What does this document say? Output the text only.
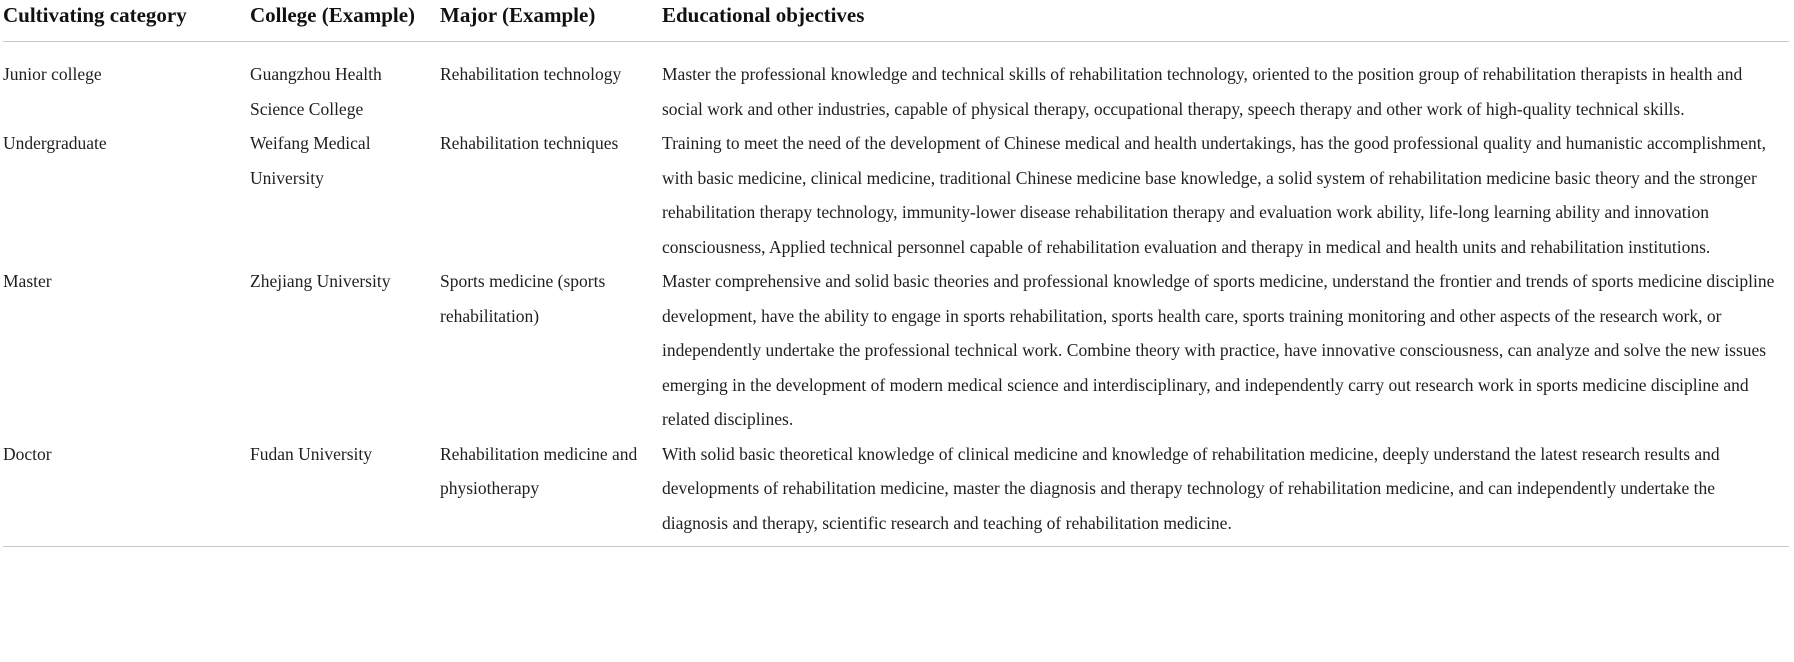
Cultivating category	College (Example)	Major (Example)	Educational objectives
Junior college	Guangzhou Health Science College	Rehabilitation technology	Master the professional knowledge and technical skills of rehabilitation technology, oriented to the position group of rehabilitation therapists in health and social work and other industries, capable of physical therapy, occupational therapy, speech therapy and other work of high-quality technical skills.
Undergraduate	Weifang Medical University	Rehabilitation techniques	Training to meet the need of the development of Chinese medical and health undertakings, has the good professional quality and humanistic accomplishment, with basic medicine, clinical medicine, traditional Chinese medicine base knowledge, a solid system of rehabilitation medicine basic theory and the stronger rehabilitation therapy technology, immunity-lower disease rehabilitation therapy and evaluation work ability, life-long learning ability and innovation consciousness, Applied technical personnel capable of rehabilitation evaluation and therapy in medical and health units and rehabilitation institutions.
Master	Zhejiang University	Sports medicine (sports rehabilitation)	Master comprehensive and solid basic theories and professional knowledge of sports medicine, understand the frontier and trends of sports medicine discipline development, have the ability to engage in sports rehabilitation, sports health care, sports training monitoring and other aspects of the research work, or independently undertake the professional technical work. Combine theory with practice, have innovative consciousness, can analyze and solve the new issues emerging in the development of modern medical science and interdisciplinary, and independently carry out research work in sports medicine discipline and related disciplines.
Doctor	Fudan University	Rehabilitation medicine and physiotherapy	With solid basic theoretical knowledge of clinical medicine and knowledge of rehabilitation medicine, deeply understand the latest research results and developments of rehabilitation medicine, master the diagnosis and therapy technology of rehabilitation medicine, and can independently undertake the diagnosis and therapy, scientific research and teaching of rehabilitation medicine.
